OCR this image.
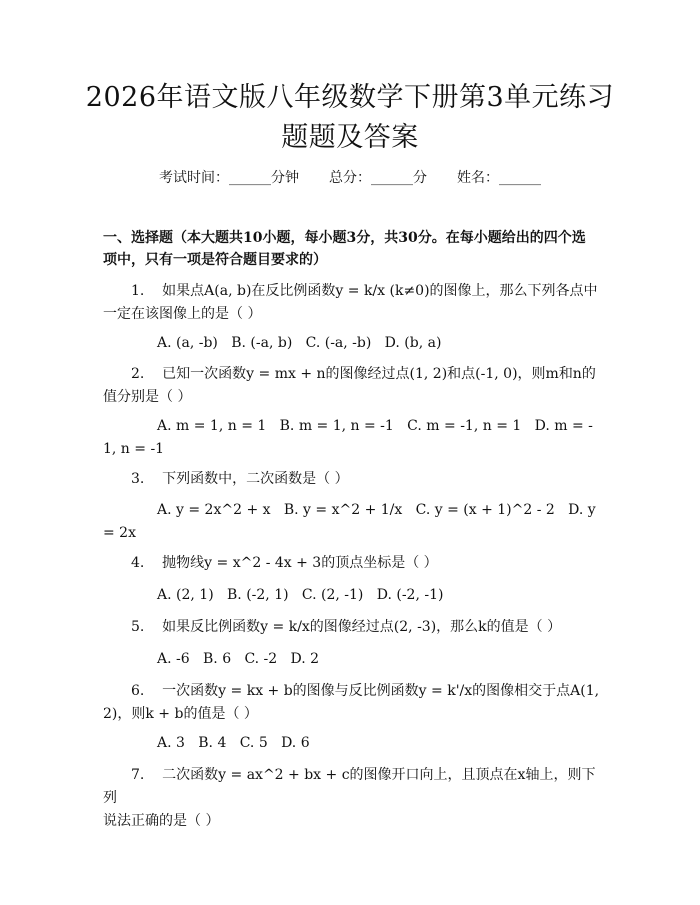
2026年语文版八年级数学下册第3单元练习
题题及答案
考试时间：______分钟 总分：______分 姓名：______
一、选择题（本大题共10小题，每小题3分，共30分。在每小题给出的四个选
项中，只有一项是符合题目要求的）
1. 如果点A(a, b)在反比例函数y = k/x (k≠0)的图像上，那么下列各点中
一定在该图像上的是（ ）
A. (a, -b)   B. (-a, b)   C. (-a, -b)   D. (b, a)
2. 已知一次函数y = mx + n的图像经过点(1, 2)和点(-1, 0)，则m和n的
值分别是（ ）
A. m = 1, n = 1   B. m = 1, n = -1   C. m = -1, n = 1   D. m = -
1, n = -1
3. 下列函数中，二次函数是（ ）
A. y = 2x^2 + x   B. y = x^2 + 1/x   C. y = (x + 1)^2 - 2   D. y
= 2x
4. 抛物线y = x^2 - 4x + 3的顶点坐标是（ ）
A. (2, 1)   B. (-2, 1)   C. (2, -1)   D. (-2, -1)
5. 如果反比例函数y = k/x的图像经过点(2, -3)，那么k的值是（ ）
A. -6   B. 6   C. -2   D. 2
6. 一次函数y = kx + b的图像与反比例函数y = k'/x的图像相交于点A(1,
2)，则k + b的值是（ ）
A. 3   B. 4   C. 5   D. 6
7. 二次函数y = ax^2 + bx + c的图像开口向上，且顶点在x轴上，则下列
说法正确的是（ ）
